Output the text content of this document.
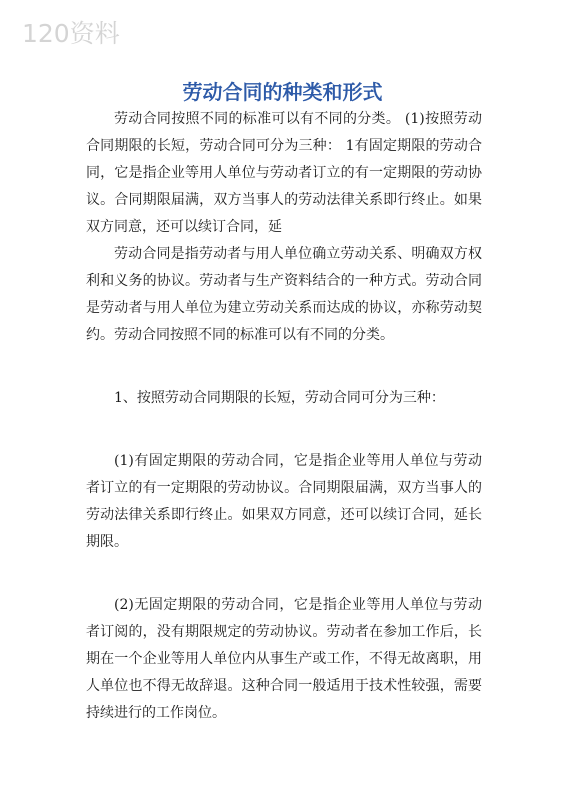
120资料
劳动合同的种类和形式

劳动合同按照不同的标准可以有不同的分类。 (1)按照劳动合同期限的长短，劳动合同可分为三种： 1有固定期限的劳动合同，它是指企业等用人单位与劳动者订立的有一定期限的劳动协议。合同期限届满，双方当事人的劳动法律关系即行终止。如果双方同意，还可以续订合同，延

劳动合同是指劳动者与用人单位确立劳动关系、明确双方权利和义务的协议。劳动者与生产资料结合的一种方式。劳动合同是劳动者与用人单位为建立劳动关系而达成的协议，亦称劳动契约。劳动合同按照不同的标准可以有不同的分类。

1、按照劳动合同期限的长短，劳动合同可分为三种：

(1)有固定期限的劳动合同，它是指企业等用人单位与劳动者订立的有一定期限的劳动协议。合同期限届满，双方当事人的劳动法律关系即行终止。如果双方同意，还可以续订合同，延长期限。

(2)无固定期限的劳动合同，它是指企业等用人单位与劳动者订阅的，没有期限规定的劳动协议。劳动者在参加工作后，长期在一个企业等用人单位内从事生产或工作，不得无故离职，用人单位也不得无故辞退。这种合同一般适用于技术性较强，需要持续进行的工作岗位。
